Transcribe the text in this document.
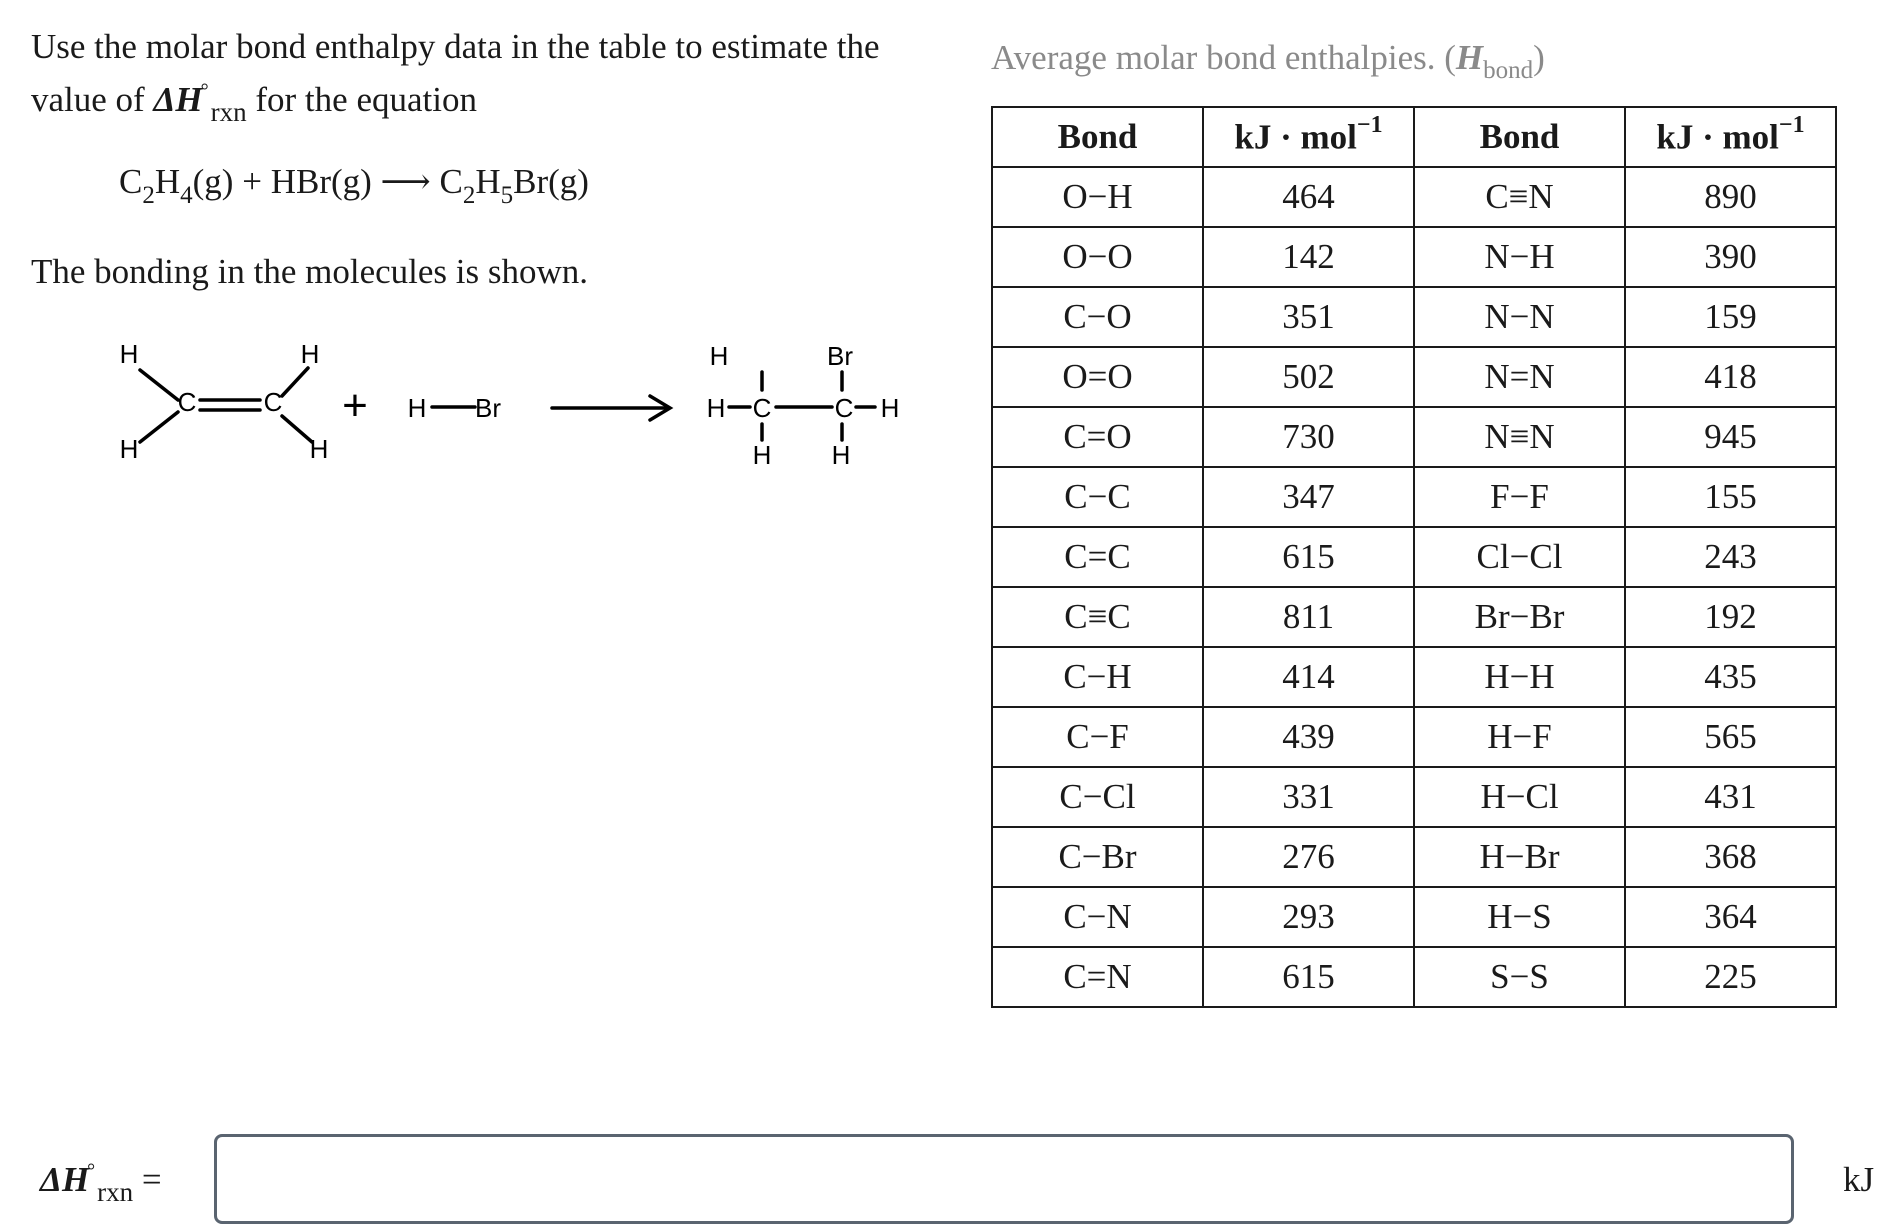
Use the molar bond enthalpy data in the table to estimate the

value of $\Delta H^\circ_{rxn}$ for the equation

$C_2H_4(g) + HBr(g)$ ⟶ $C_2H_5Br(g)$
The bonding in the molecules is shown.
H
H
H
H
C	C + H Br
H	Br
H C C H
H H
Average molar bond enthalpies. $(H_{bond})$
Bond	kJ · mol$^{-1}$	Bond	kJ · mol$^{-1}$
O−H	464	C≡N	890
O−O	142	N−H	390
C−O	351	N−N	159
O=O	502	N=N	418
C=O	730	N≡N	945
C−C	347	F−F	155
C=C	615	Cl−Cl	243
C≡C	811	Br−Br	192
C−H	414	H−H	435
C−F	439	H−F	565
C−Cl	331	H−Cl	431
C−Br	276	H−Br	368
C−N	293	H−S	364
C=N	615	S−S	225
$\Delta H^\circ_{rxn}$ =	kJ
